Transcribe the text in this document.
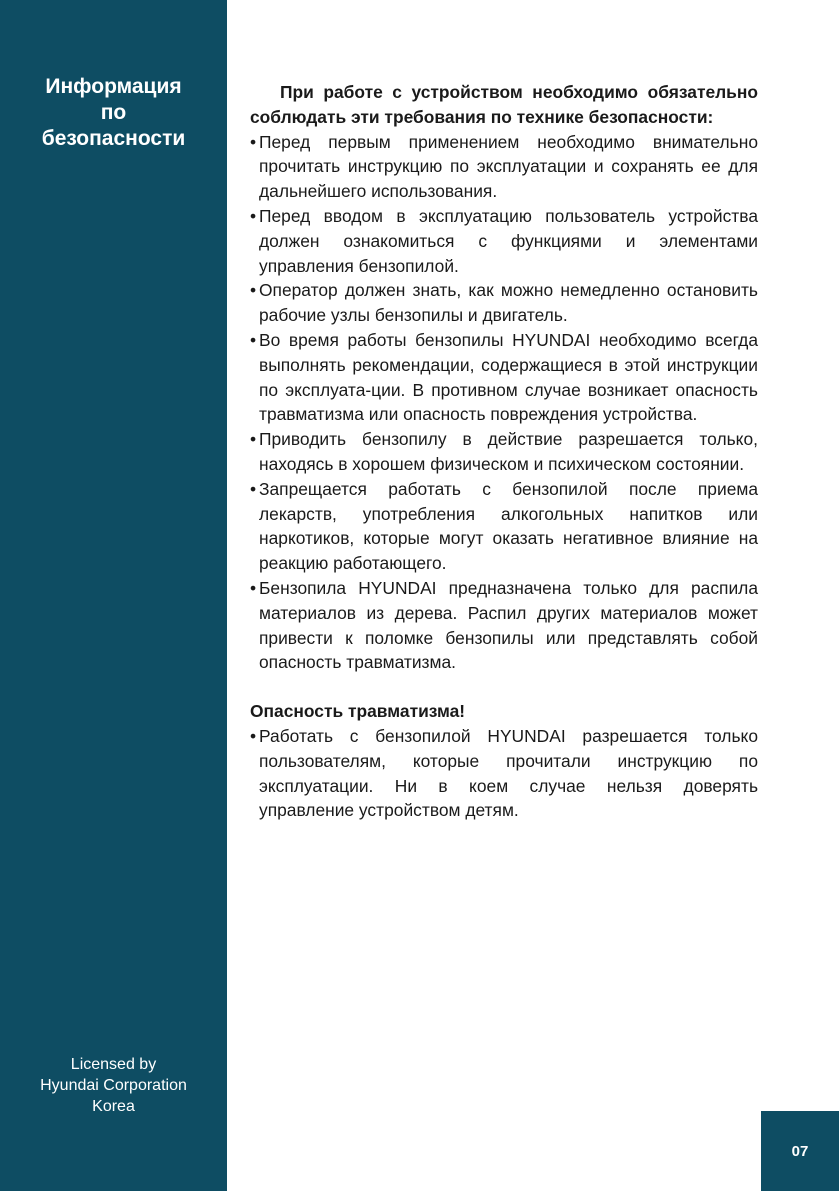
Информация
по
безопасности
Licensed by
Hyundai Corporation
Korea

При работе с устройством необходимо обязательно соблюдать эти требования по технике безопасности:

• Перед первым применением необходимо внимательно прочитать инструкцию по эксплуатации и сохранять ее для дальнейшего использования.
• Перед вводом в эксплуатацию пользователь устройства должен ознакомиться с функциями и элементами управления бензопилой.
• Оператор должен знать, как можно немедленно остановить рабочие узлы бензопилы и двигатель.
• Во время работы бензопилы HYUNDAI необходимо всегда выполнять рекомендации, содержащиеся в этой инструкции по эксплуата-ции. В противном случае возникает опасность травматизма или опасность повреждения устройства.
• Приводить бензопилу в действие разрешается только, находясь в хорошем физическом и психическом состоянии.
• Запрещается работать с бензопилой после приема лекарств, употребления алкогольных напитков или наркотиков, которые могут оказать негативное влияние на реакцию работающего.
• Бензопила HYUNDAI предназначена только для распила материалов из дерева. Распил других материалов может привести к поломке бензопилы или представлять собой опасность травматизма.

Опасность травматизма!

• Работать с бензопилой HYUNDAI разрешается только пользователям, которые прочитали инструкцию по эксплуатации. Ни в коем случае нельзя доверять управление устройством детям.
07
